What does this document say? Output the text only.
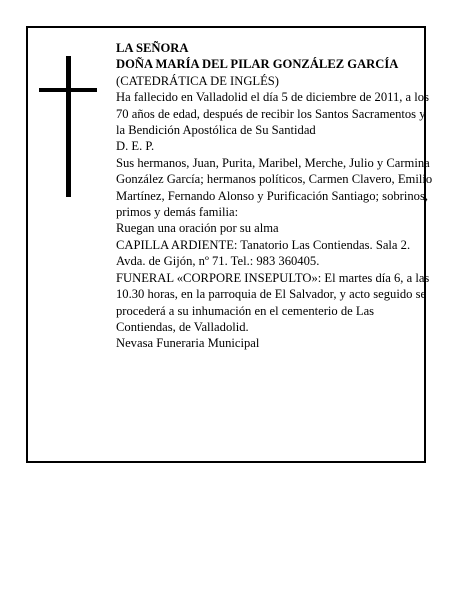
LA SEÑORA

DOÑA MARÍA DEL PILAR GONZÁLEZ GARCÍA

(CATEDRÁTICA DE INGLÉS)

Ha fallecido en Valladolid el día 5 de diciembre de 2011, a los 70 años de edad, después de recibir los Santos Sacramentos y la Bendición Apostólica de Su Santidad

D. E. P.

Sus hermanos, Juan, Purita, Maribel, Merche, Julio y Carmina González García; hermanos políticos, Carmen Clavero, Emilio Martínez, Fernando Alonso y Purificación Santiago; sobrinos, primos y demás familia:

Ruegan una oración por su alma

CAPILLA ARDIENTE: Tanatorio Las Contiendas. Sala 2. Avda. de Gijón, nº 71. Tel.: 983 360405.

FUNERAL «CORPORE INSEPULTO»: El martes día 6, a las 10.30 horas, en la parroquia de El Salvador, y acto seguido se procederá a su inhumación en el cementerio de Las Contiendas, de Valladolid.

Nevasa Funeraria Municipal
